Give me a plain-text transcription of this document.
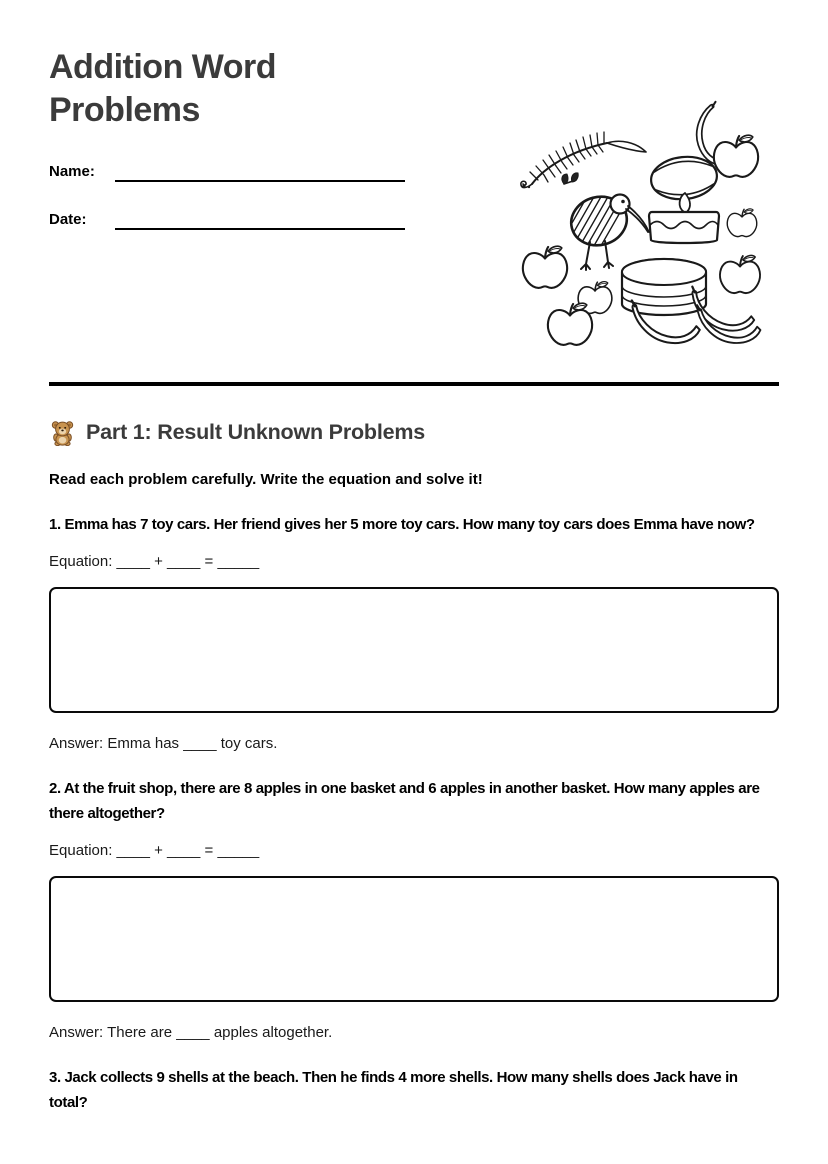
Addition Word Problems
Name:
Date:
Part 1: Result Unknown Problems

Read each problem carefully. Write the equation and solve it!

1. Emma has 7 toy cars. Her friend gives her 5 more toy cars. How many toy cars does Emma have now?

Equation: ____ + ____ = _____

Answer: Emma has ____ toy cars.

2. At the fruit shop, there are 8 apples in one basket and 6 apples in another basket. How many apples are there altogether?

Equation: ____ + ____ = _____

Answer: There are ____ apples altogether.

3. Jack collects 9 shells at the beach. Then he finds 4 more shells. How many shells does Jack have in total?
